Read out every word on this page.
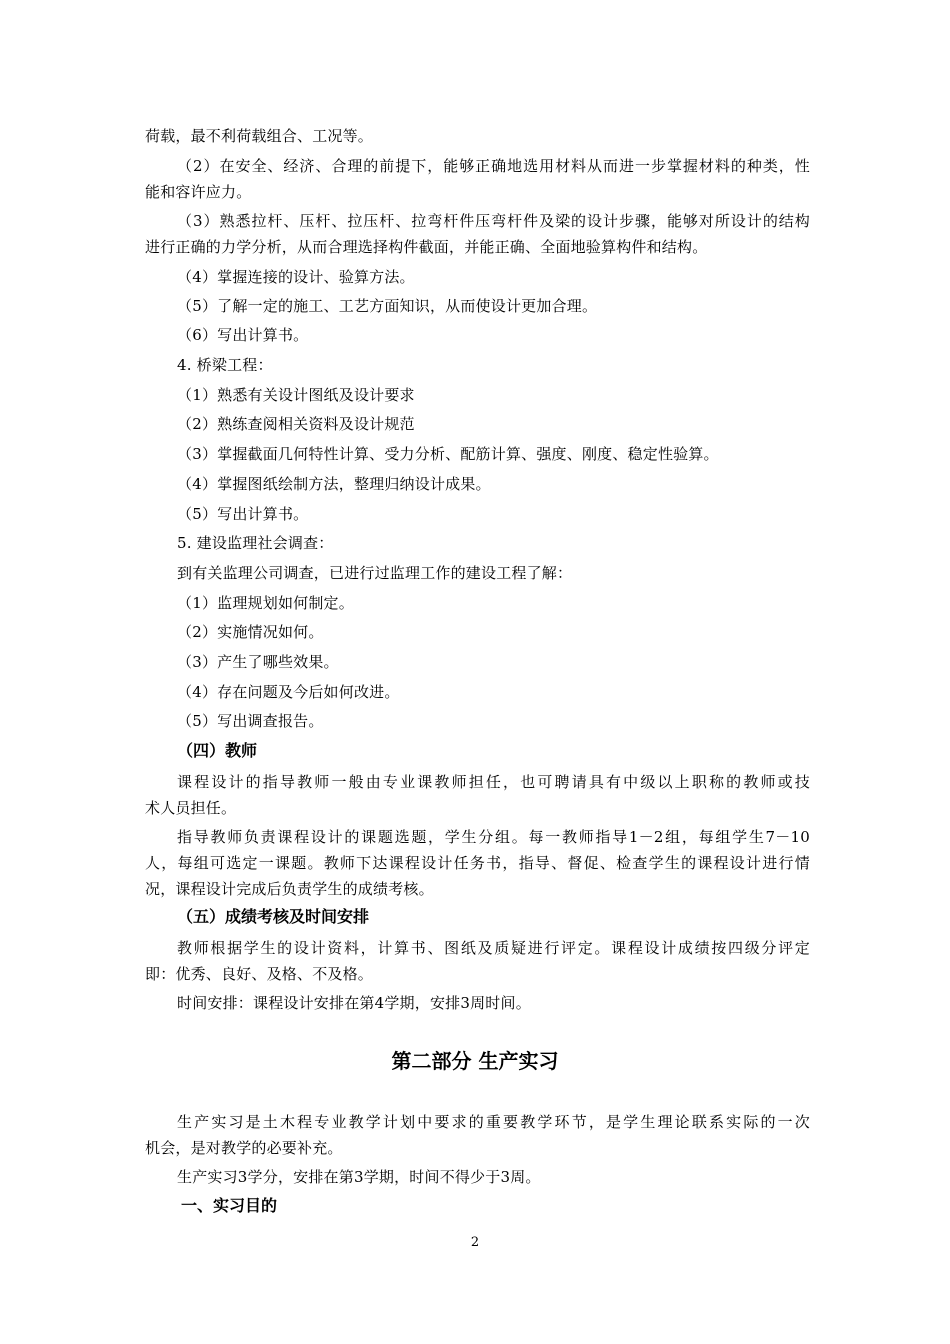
荷载，最不利荷载组合、工况等。
（2）在安全、经济、合理的前提下，能够正确地选用材料从而进一步掌握材料的种类，性
能和容许应力。
（3）熟悉拉杆、压杆、拉压杆、拉弯杆件压弯杆件及梁的设计步骤，能够对所设计的结构
进行正确的力学分析，从而合理选择构件截面，并能正确、全面地验算构件和结构。
（4）掌握连接的设计、验算方法。
（5）了解一定的施工、工艺方面知识，从而使设计更加合理。
（6）写出计算书。
4. 桥梁工程：
（1）熟悉有关设计图纸及设计要求
（2）熟练查阅相关资料及设计规范
（3）掌握截面几何特性计算、受力分析、配筋计算、强度、刚度、稳定性验算。
（4）掌握图纸绘制方法，整理归纳设计成果。
（5）写出计算书。
5. 建设监理社会调查：
到有关监理公司调查，已进行过监理工作的建设工程了解：
（1）监理规划如何制定。
（2）实施情况如何。
（3）产生了哪些效果。
（4）存在问题及今后如何改进。
（5）写出调查报告。
（四）教师
课程设计的指导教师一般由专业课教师担任，也可聘请具有中级以上职称的教师或技
术人员担任。
指导教师负责课程设计的课题选题，学生分组。每一教师指导1－2组，每组学生7－10
人，每组可选定一课题。教师下达课程设计任务书，指导、督促、检查学生的课程设计进行情
况，课程设计完成后负责学生的成绩考核。
（五）成绩考核及时间安排
教师根据学生的设计资料，计算书、图纸及质疑进行评定。课程设计成绩按四级分评定
即：优秀、良好、及格、不及格。
时间安排：课程设计安排在第4学期，安排3周时间。
第二部分 生产实习
生产实习是土木程专业教学计划中要求的重要教学环节，是学生理论联系实际的一次
机会，是对教学的必要补充。
生产实习3学分，安排在第3学期，时间不得少于3周。
一、实习目的
2
